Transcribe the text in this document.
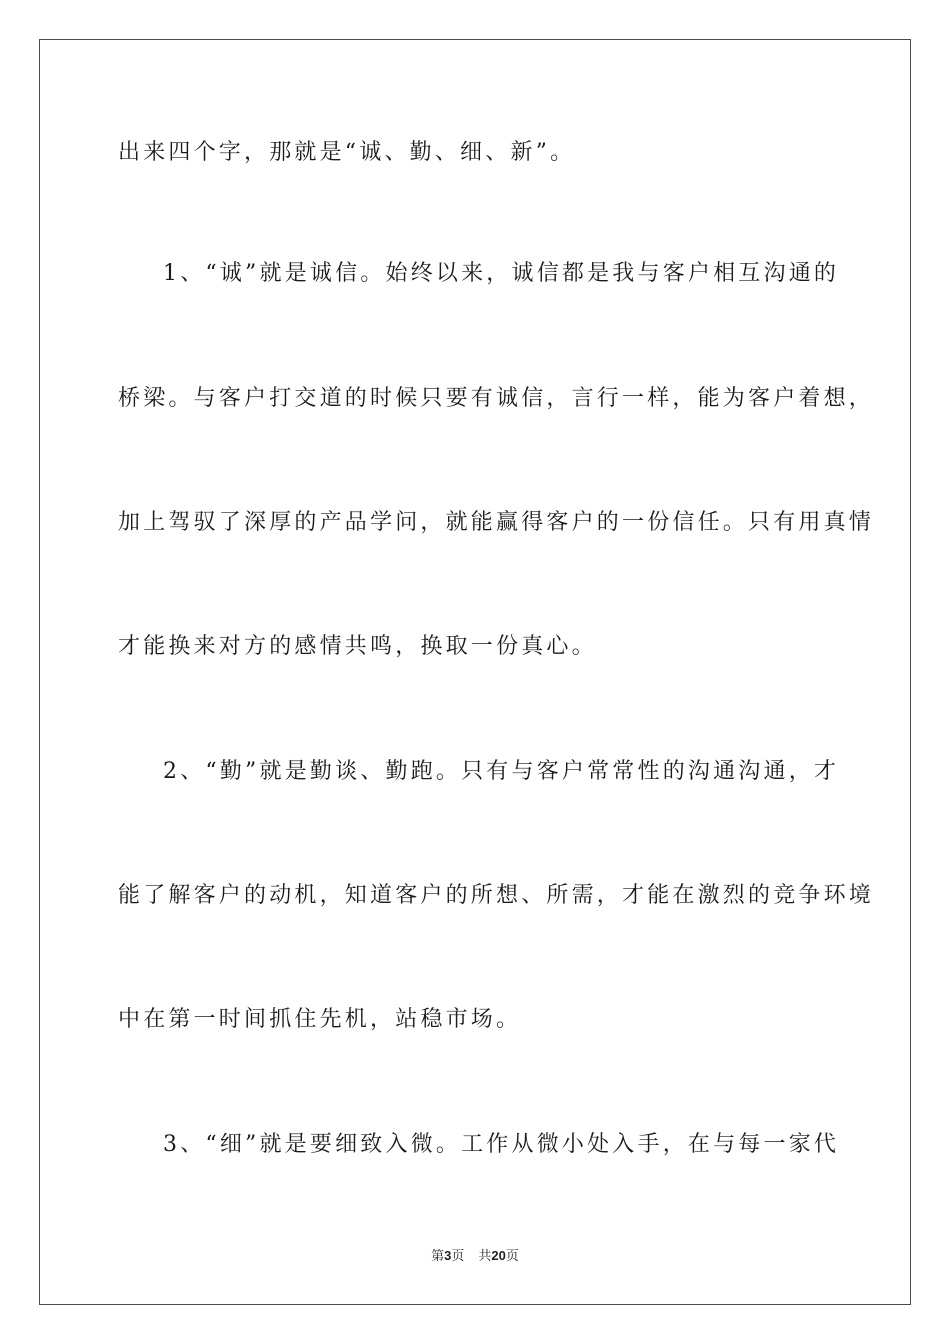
出来四个字，那就是“诚、勤、细、新”。
1、“诚”就是诚信。始终以来，诚信都是我与客户相互沟通的
桥梁。与客户打交道的时候只要有诚信，言行一样，能为客户着想，
加上驾驭了深厚的产品学问，就能赢得客户的一份信任。只有用真情
才能换来对方的感情共鸣，换取一份真心。
2、“勤”就是勤谈、勤跑。只有与客户常常性的沟通沟通，才
能了解客户的动机，知道客户的所想、所需，才能在激烈的竞争环境
中在第一时间抓住先机，站稳市场。
3、“细”就是要细致入微。工作从微小处入手，在与每一家代
第3页 共20页
